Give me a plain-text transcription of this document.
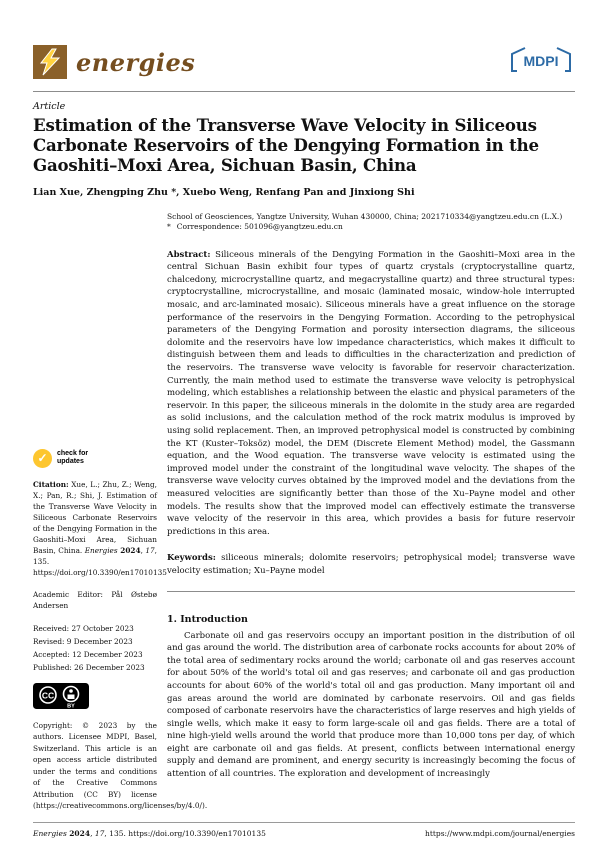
energies	MDPI
Article
Estimation of the Transverse Wave Velocity in Siliceous Carbonate Reservoirs of the Dengying Formation in the Gaoshiti–Moxi Area, Sichuan Basin, China
Lian Xue, Zhengping Zhu *, Xuebo Weng, Renfang Pan and Jinxiong Shi
✓	check for
updates
Citation: Xue, L.; Zhu, Z.; Weng, X.; Pan, R.; Shi, J. Estimation of the Transverse Wave Velocity in Siliceous Carbonate Reservoirs of the Dengying Formation in the Gaoshiti–Moxi Area, Sichuan Basin, China. Energies 2024, 17, 135. https://doi.org/10.3390/en17010135
Academic Editor: Pål Østebø Andersen

Received: 27 October 2023

Revised: 9 December 2023

Accepted: 12 December 2023

Published: 26 December 2023

CC
BY
Copyright: © 2023 by the authors. Licensee MDPI, Basel, Switzerland. This article is an open access article distributed under the terms and conditions of the Creative Commons Attribution (CC BY) license (https://creativecommons.org/licenses/by/4.0/).
School of Geosciences, Yangtze University, Wuhan 430000, China; 2021710334@yangtzeu.edu.cn (L.X.)
* Correspondence: 501096@yangtzeu.edu.cn
Abstract: Siliceous minerals of the Dengying Formation in the Gaoshiti–Moxi area in the central Sichuan Basin exhibit four types of quartz crystals (cryptocrystalline quartz, chalcedony, microcrystalline quartz, and megacrystalline quartz) and three structural types: cryptocrystalline, microcrystalline, and mosaic (laminated mosaic, window-hole interrupted mosaic, and arc-laminated mosaic). Siliceous minerals have a great influence on the storage performance of the reservoirs in the Dengying Formation. According to the petrophysical parameters of the Dengying Formation and porosity intersection diagrams, the siliceous dolomite and the reservoirs have low impedance characteristics, which makes it difficult to distinguish between them and leads to difficulties in the characterization and prediction of the reservoirs. The transverse wave velocity is favorable for reservoir characterization. Currently, the main method used to estimate the transverse wave velocity is petrophysical modeling, which establishes a relationship between the elastic and physical parameters of the reservoir. In this paper, the siliceous minerals in the dolomite in the study area are regarded as solid inclusions, and the calculation method of the rock matrix modulus is improved by using solid replacement. Then, an improved petrophysical model is constructed by combining the KT (Kuster–Toksöz) model, the DEM (Discrete Element Method) model, the Gassmann equation, and the Wood equation. The transverse wave velocity is estimated using the improved model under the constraint of the longitudinal wave velocity. The shapes of the transverse wave velocity curves obtained by the improved model and the deviations from the measured velocities are significantly better than those of the Xu–Payne model and other models. The results show that the improved model can effectively estimate the transverse wave velocity of the reservoir in this area, which provides a basis for future reservoir predictions in this area.
Keywords: siliceous minerals; dolomite reservoirs; petrophysical model; transverse wave velocity estimation; Xu–Payne model
1. Introduction
Carbonate oil and gas reservoirs occupy an important position in the distribution of oil and gas around the world. The distribution area of carbonate rocks accounts for about 20% of the total area of sedimentary rocks around the world; carbonate oil and gas reserves account for about 50% of the world's total oil and gas reserves; and carbonate oil and gas production accounts for about 60% of the world's total oil and gas production. Many important oil and gas areas around the world are dominated by carbonate reservoirs. Oil and gas fields composed of carbonate reservoirs have the characteristics of large reserves and high yields of single wells, which make it easy to form large-scale oil and gas fields. There are a total of nine high-yield wells around the world that produce more than 10,000 tons per day, of which eight are carbonate oil and gas fields. At present, conflicts between international energy supply and demand are prominent, and energy security is increasingly becoming the focus of attention of all countries. The exploration and development of increasingly
Energies 2024, 17, 135. https://doi.org/10.3390/en17010135	https://www.mdpi.com/journal/energies
